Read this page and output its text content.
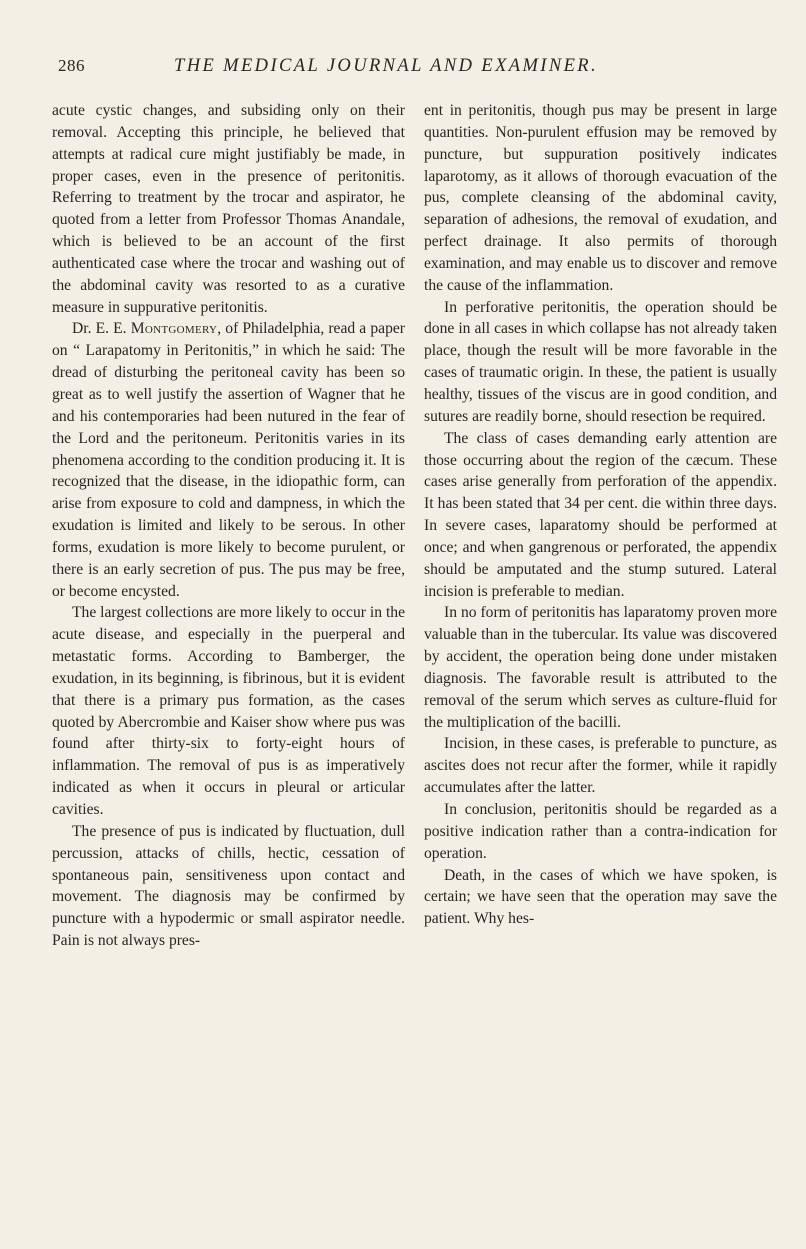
286	THE MEDICAL JOURNAL AND EXAMINER.

acute cystic changes, and subsiding only on their removal. Accepting this principle, he believed that attempts at radical cure might justifiably be made, in proper cases, even in the presence of peritonitis. Referring to treatment by the trocar and aspirator, he quoted from a letter from Professor Thomas Anandale, which is believed to be an account of the first authenticated case where the trocar and washing out of the abdominal cavity was resorted to as a curative measure in suppurative peritonitis.

Dr. E. E. Montgomery, of Philadelphia, read a paper on “ Larapatomy in Peritonitis,” in which he said: The dread of disturbing the peritoneal cavity has been so great as to well justify the assertion of Wagner that he and his contemporaries had been nutured in the fear of the Lord and the peritoneum. Peritonitis varies in its phenomena according to the condition producing it. It is recognized that the disease, in the idiopathic form, can arise from exposure to cold and dampness, in which the exudation is limited and likely to be serous. In other forms, exudation is more likely to become purulent, or there is an early secretion of pus. The pus may be free, or become encysted.

The largest collections are more likely to occur in the acute disease, and especially in the puerperal and metastatic forms. According to Bamberger, the exudation, in its beginning, is fibrinous, but it is evident that there is a primary pus formation, as the cases quoted by Abercrombie and Kaiser show where pus was found after thirty-six to forty-eight hours of inflammation. The removal of pus is as imperatively indicated as when it occurs in pleural or articular cavities.

The presence of pus is indicated by fluctuation, dull percussion, attacks of chills, hectic, cessation of spontaneous pain, sensitiveness upon contact and movement. The diagnosis may be confirmed by puncture with a hypodermic or small aspirator needle. Pain is not always pres-

ent in peritonitis, though pus may be present in large quantities. Non-purulent effusion may be removed by puncture, but suppuration positively indicates laparotomy, as it allows of thorough evacuation of the pus, complete cleansing of the abdominal cavity, separation of adhesions, the removal of exudation, and perfect drainage. It also permits of thorough examination, and may enable us to discover and remove the cause of the inflammation.

In perforative peritonitis, the operation should be done in all cases in which collapse has not already taken place, though the result will be more favorable in the cases of traumatic origin. In these, the patient is usually healthy, tissues of the viscus are in good condition, and sutures are readily borne, should resection be required.

The class of cases demanding early attention are those occurring about the region of the cæcum. These cases arise generally from perforation of the appendix. It has been stated that 34 per cent. die within three days. In severe cases, laparatomy should be performed at once; and when gangrenous or perforated, the appendix should be amputated and the stump sutured. Lateral incision is preferable to median.

In no form of peritonitis has laparatomy proven more valuable than in the tubercular. Its value was discovered by accident, the operation being done under mistaken diagnosis. The favorable result is attributed to the removal of the serum which serves as culture-fluid for the multiplication of the bacilli.

Incision, in these cases, is preferable to puncture, as ascites does not recur after the former, while it rapidly accumulates after the latter.

In conclusion, peritonitis should be regarded as a positive indication rather than a contra-indication for operation.

Death, in the cases of which we have spoken, is certain; we have seen that the operation may save the patient. Why hes-
